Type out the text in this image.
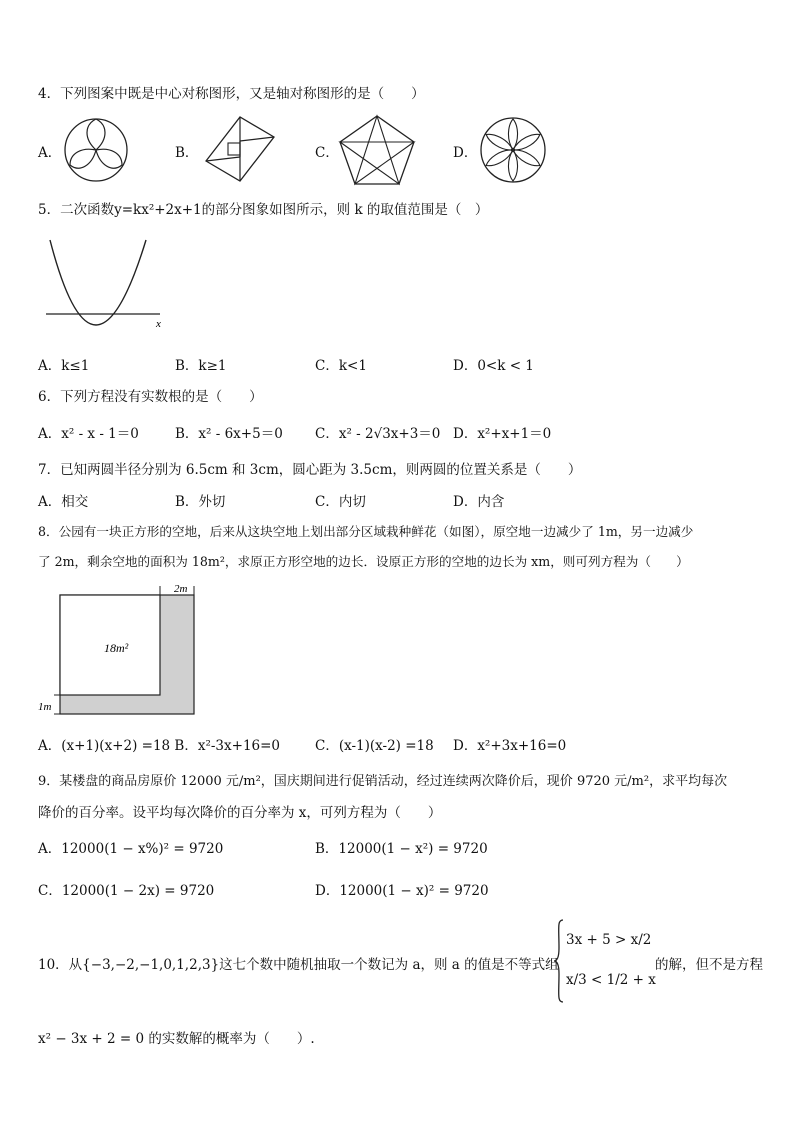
4．下列图案中既是中心对称图形，又是轴对称图形的是（　　）
A．	B．	C．	D．
5．二次函数y=kx²+2x+1的部分图象如图所示，则 k 的取值范围是（　）
x
A．k≤1	B．k≥1	C．k<1	D．0<k < 1
6．下列方程没有实数根的是（　　）
A．x² - x - 1＝0	B．x² - 6x+5＝0 C．x² - 2√3x+3＝0 D．x²+x+1＝0
7．已知两圆半径分别为 6.5cm 和 3cm，圆心距为 3.5cm，则两圆的位置关系是（　　）
A．相交	B．外切	C．内切	D．内含
8．公园有一块正方形的空地，后来从这块空地上划出部分区域栽种鲜花（如图），原空地一边减少了 1m，另一边减少
了 2m，剩余空地的面积为 18m²，求原正方形空地的边长．设原正方形的空地的边长为 xm，则可列方程为（　　）
2m
18m²
1m
A．(x+1)(x+2) =18 B．x²-3x+16=0	C．(x-1)(x-2) =18 D．x²+3x+16=0
9．某楼盘的商品房原价 12000 元/m²，国庆期间进行促销活动，经过连续两次降价后，现价 9720 元/m²，求平均每次
降价的百分率。设平均每次降价的百分率为 x，可列方程为（　　）
A．12000(1 − x%)² = 9720	B．12000(1 − x²) = 9720
C．12000(1 − 2x) = 9720	D．12000(1 − x)² = 9720
10．从{−3,−2,−1,0,1,2,3}这七个数中随机抽取一个数记为 a，则 a 的值是不等式组
3x + 5 > x/2
x/3 < 1/2 + x
的解，但不是方程
x² − 3x + 2 = 0 的实数解的概率为（　　）.
